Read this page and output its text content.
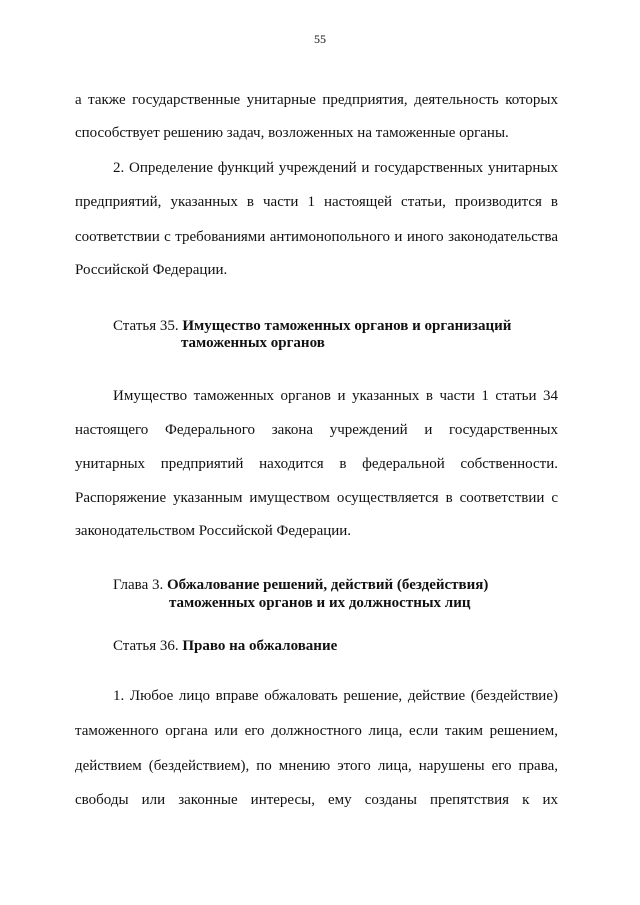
55
а также государственные унитарные предприятия, деятельность которых
способствует решению задач, возложенных на таможенные органы.
2. Определение функций учреждений и государственных унитарных
предприятий, указанных в части 1 настоящей статьи, производится в
соответствии с требованиями антимонопольного и иного законодательства
Российской Федерации.
Статья 35. Имущество таможенных органов и организаций
таможенных органов
Имущество таможенных органов и указанных в части 1 статьи 34
настоящего Федерального закона учреждений и государственных
унитарных предприятий находится в федеральной собственности.
Распоряжение указанным имуществом осуществляется в соответствии с
законодательством Российской Федерации.
Глава 3. Обжалование решений, действий (бездействия)
таможенных органов и их должностных лиц
Статья 36. Право на обжалование
1. Любое лицо вправе обжаловать решение, действие (бездействие)
таможенного органа или его должностного лица, если таким решением,
действием (бездействием), по мнению этого лица, нарушены его права,
свободы или законные интересы, ему созданы препятствия к их
